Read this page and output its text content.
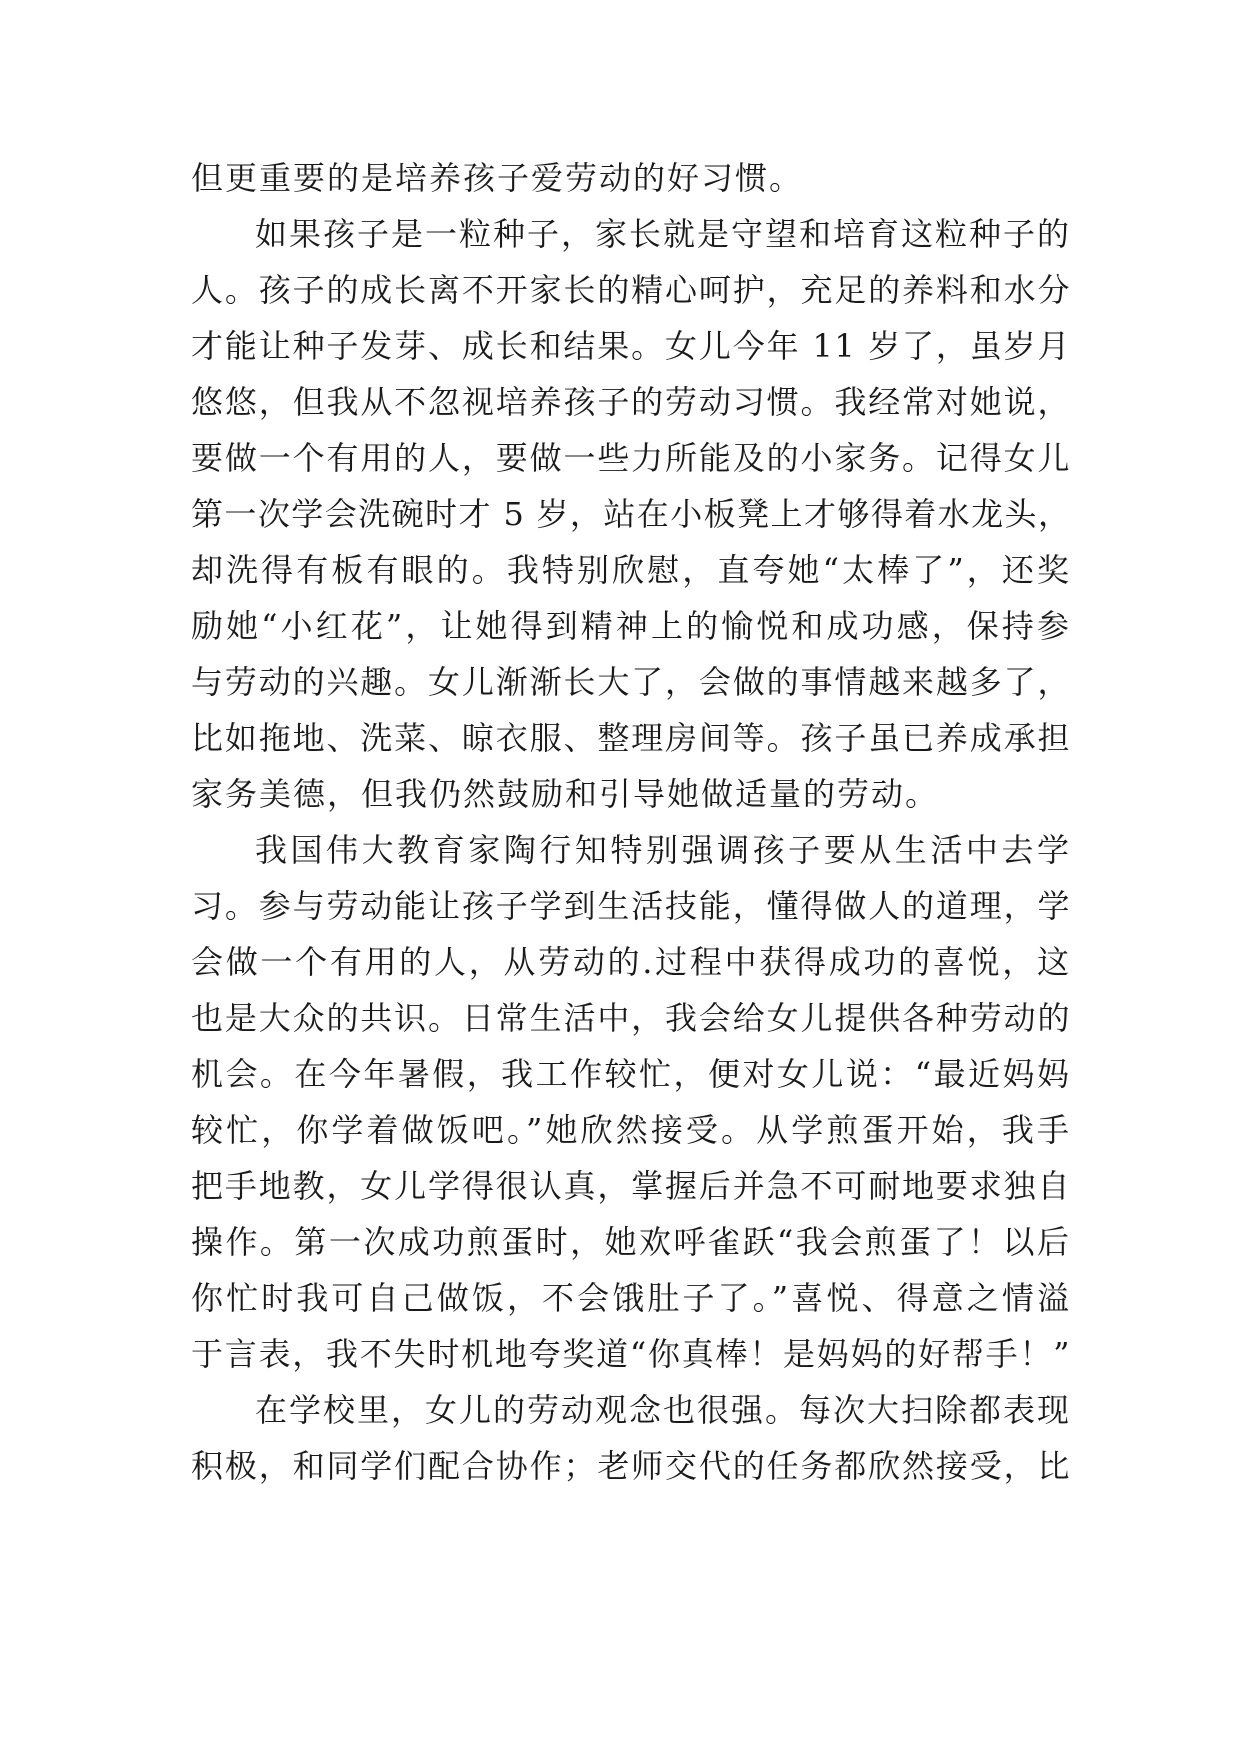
但更重要的是培养孩子爱劳动的好习惯。
如果孩子是一粒种子，家长就是守望和培育这粒种子的
人。孩子的成长离不开家长的精心呵护，充足的养料和水分
才能让种子发芽、成长和结果。女儿今年 11 岁了，虽岁月
悠悠，但我从不忽视培养孩子的劳动习惯。我经常对她说，
要做一个有用的人，要做一些力所能及的小家务。记得女儿
第一次学会洗碗时才 5 岁，站在小板凳上才够得着水龙头，
却洗得有板有眼的。我特别欣慰，直夸她“太棒了”，还奖
励她“小红花”，让她得到精神上的愉悦和成功感，保持参
与劳动的兴趣。女儿渐渐长大了，会做的事情越来越多了，
比如拖地、洗菜、晾衣服、整理房间等。孩子虽已养成承担
家务美德，但我仍然鼓励和引导她做适量的劳动。
我国伟大教育家陶行知特别强调孩子要从生活中去学
习。参与劳动能让孩子学到生活技能，懂得做人的道理，学
会做一个有用的人，从劳动的.过程中获得成功的喜悦，这
也是大众的共识。日常生活中，我会给女儿提供各种劳动的
机会。在今年暑假，我工作较忙，便对女儿说：“最近妈妈
较忙，你学着做饭吧。”她欣然接受。从学煎蛋开始，我手
把手地教，女儿学得很认真，掌握后并急不可耐地要求独自
操作。第一次成功煎蛋时，她欢呼雀跃“我会煎蛋了！以后
你忙时我可自己做饭，不会饿肚子了。”喜悦、得意之情溢
于言表，我不失时机地夸奖道“你真棒！是妈妈的好帮手！”
在学校里，女儿的劳动观念也很强。每次大扫除都表现
积极，和同学们配合协作；老师交代的任务都欣然接受，比
